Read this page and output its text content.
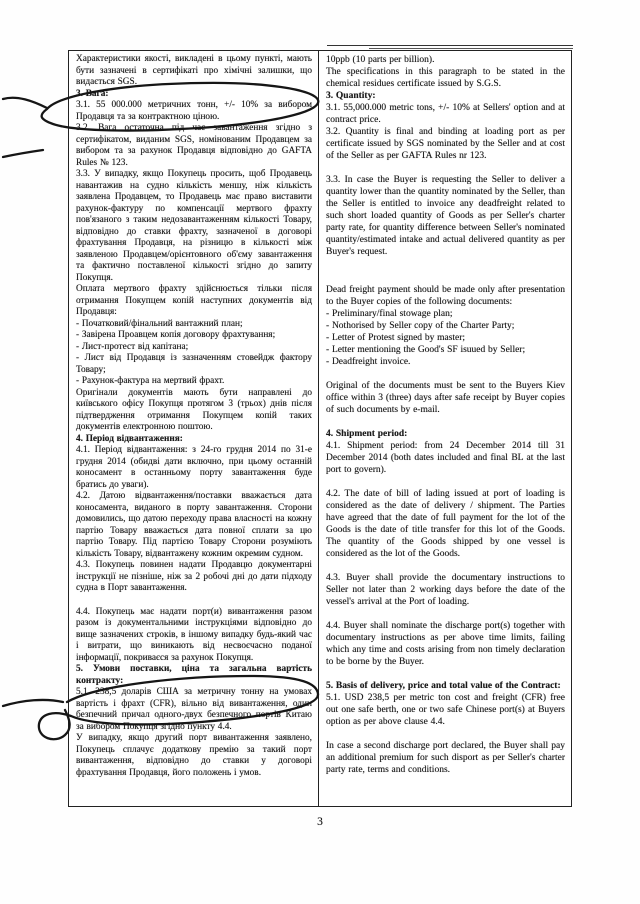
Характеристики якості, викладені в цьому пункті, мають бути зазначені в сертифікаті про хімічні залишки, що видається SGS.

3. Вага:

3.1. 55 000.000 метричних тонн, +/- 10% за вибором Продавця та за контрактною ціною.

3.2. Вага остаточна під час завантаження згідно з сертифікатом, виданим SGS, номінованим Продавцем за вибором та за рахунок Продавця відповідно до GAFTA Rules № 123.

3.3. У випадку, якщо Покупець просить, щоб Продавець навантажив на судно кількість меншу, ніж кількість заявлена Продавцем, то Продавець має право виставити рахунок-фактуру по компенсації мертвого фрахту пов'язаного з таким недозавантаженням кількості Товару, відповідно до ставки фрахту, зазначеної в договорі фрахтування Продавця, на різницю в кількості між заявленою Продавцем/орієнтовного об'єму завантаження та фактично поставленої кількості згідно до запиту Покупця.

Оплата мертвого фрахту здійснюється тільки після отримання Покупцем копій наступних документів від Продавця:

- Початковий/фінальний вантажний план;

- Завірена Проавцем копія договору фрахтування;

- Лист-протест від капітана;

- Лист від Продавця із зазначенням стовейдж фактору Товару;

- Рахунок-фактура на мертвий фрахт.

Оригінали документів мають бути направлені до київського офісу Покупця протягом 3 (трьох) днів після підтвердження отримання Покупцем копій таких документів електронною поштою.

4. Період відвантаження:

4.1. Період відвантаження: з 24-го грудня 2014 по 31-е грудня 2014 (обидві дати включно, при цьому останній коносамент в останньому порту завантаження буде братись до уваги).

4.2. Датою відвантаження/поставки вважається дата коносамента, виданого в порту завантаження. Сторони домовились, що датою переходу права власності на кожну партію Товару вважається дата повної сплати за цю партію Товару. Під партією Товару Сторони розуміють кількість Товару, відвантажену кожним окремим судном.

4.3. Покупець повинен надати Продавцю документарні інструкції не пізніше, ніж за 2 робочі дні до дати підходу судна в Порт завантаження.

4.4. Покупець має надати порт(и) вивантаження разом разом із документальними інструкціями відповідно до вище зазначених строків, в іншому випадку будь-який час і витрати, що виникають від несвоєчасно поданої інформації, покриваєся за рахунок Покупця.

5. Умови поставки, ціна та загальна вартість контракту:

5.1. 238,5 доларів США за метричну тонну на умовах вартість і фрахт (CFR), вільно від вивантаження, один безпечний причал одного-двух безпечного портів Китаю за вибором Покупця згідно пункту 4.4.

У випадку, якщо другий порт вивантаження заявлено, Покупець сплачує додаткову премію за такий порт вивантаження, відповідно до ставки у договорі фрахтування Продавця, його положень і умов.

10ppb (10 parts per billion).

The specifications in this paragraph to be stated in the chemical residues certificate issued by S.G.S.

3. Quantity:

3.1. 55,000.000 metric tons, +/- 10% at Sellers' option and at contract price.

3.2. Quantity is final and binding at loading port as per certificate issued by SGS nominated by the Seller and at cost of the Seller as per GAFTA Rules nr 123.

3.3. In case the Buyer is requesting the Seller to deliver a quantity lower than the quantity nominated by the Seller, than the Seller is entitled to invoice any deadfreight related to such short loaded quantity of Goods as per Seller's charter party rate, for quantity difference between Seller's nominated quantity/estimated intake and actual delivered quantity as per Buyer's request.

Dead freight payment should be made only after presentation to the Buyer copies of the following documents:

- Preliminary/final stowage plan;

- Nothorised by Seller copy of the Charter Party;

- Letter of Protest signed by master;

- Letter mentioning the Good's SF isuued by Seller;

- Deadfreight invoice.

Original of the documents must be sent to the Buyers Kiev office within 3 (three) days after safe receipt by Buyer copies of such documents by e-mail.

4. Shipment period:

4.1. Shipment period: from 24 December 2014 till 31 December 2014 (both dates included and final BL at the last port to govern).

4.2. The date of bill of lading issued at port of loading is considered as the date of delivery / shipment. The Parties have agreed that the date of full payment for the lot of the Goods is the date of title transfer for this lot of the Goods. The quantity of the Goods shipped by one vessel is considered as the lot of the Goods.

4.3. Buyer shall provide the documentary instructions to Seller not later than 2 working days before the date of the vessel's arrival at the Port of loading.

4.4. Buyer shall nominate the discharge port(s) together with documentary instructions as per above time limits, failing which any time and costs arising from non timely declaration to be borne by the Buyer.

5. Basis of delivery, price and total value of the Contract:

5.1. USD 238,5 per metric ton cost and freight (CFR) free out one safe berth, one or two safe Chinese port(s) at Buyers option as per above clause 4.4.

In case a second discharge port declared, the Buyer shall pay an additional premium for such disport as per Seller's charter party rate, terms and conditions.

3
